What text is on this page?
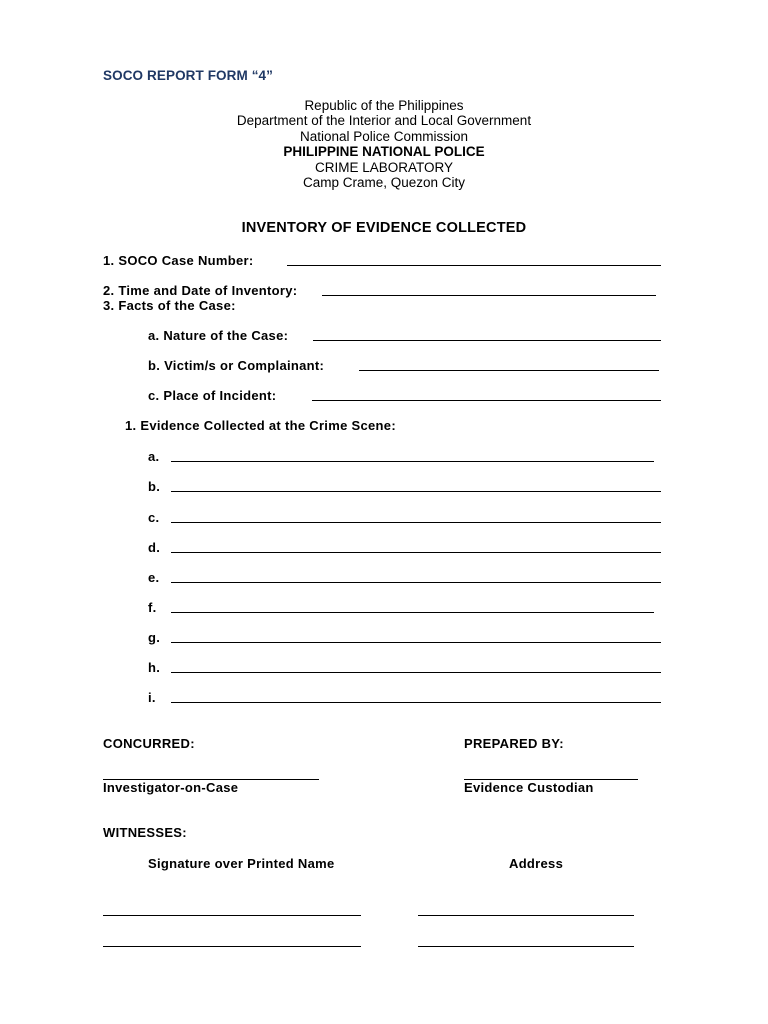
SOCO REPORT FORM “4”
Republic of the Philippines
Department of the Interior and Local Government
National Police Commission
PHILIPPINE NATIONAL POLICE
CRIME LABORATORY
Camp Crame, Quezon City
INVENTORY OF EVIDENCE COLLECTED
1. SOCO Case Number:
2. Time and Date of Inventory:
3. Facts of the Case:
a. Nature of the Case:
b. Victim/s or Complainant:
c. Place of Incident:
1. Evidence Collected at the Crime Scene:
a.
b.
c.
d.
e.
f.
g.
h.
i.
CONCURRED:	PREPARED BY:
Investigator-on-Case	Evidence Custodian
WITNESSES:
Signature over Printed Name	Address
